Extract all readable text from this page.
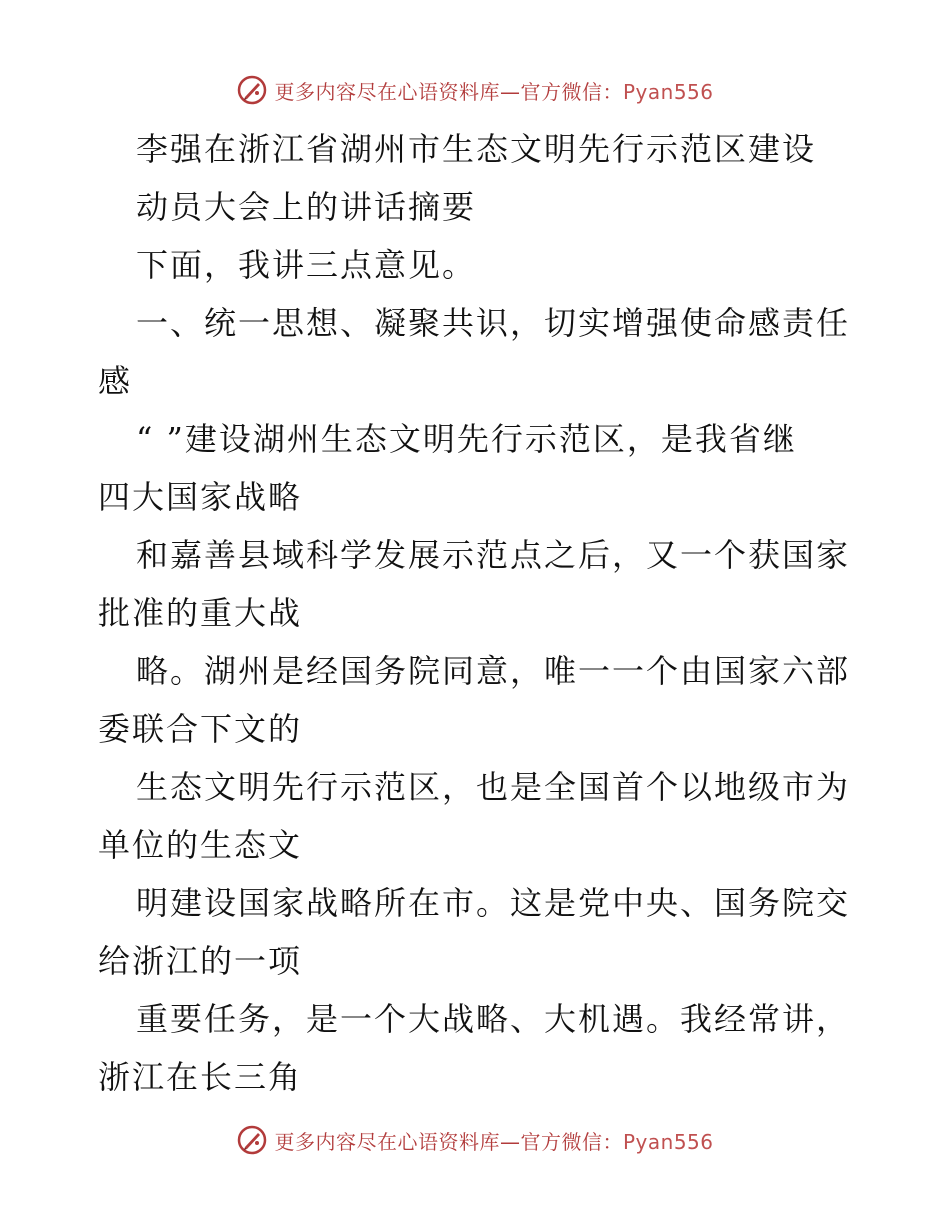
更多内容尽在心语资料库—官方微信：Pyan556

李强在浙江省湖州市生态文明先行示范区建设

动员大会上的讲话摘要

下面，我讲三点意见。

一、统一思想、凝聚共识，切实增强使命感责任
感

“ ”建设湖州生态文明先行示范区，是我省继
四大国家战略

和嘉善县域科学发展示范点之后，又一个获国家
批准的重大战

略。湖州是经国务院同意，唯一一个由国家六部
委联合下文的

生态文明先行示范区，也是全国首个以地级市为
单位的生态文

明建设国家战略所在市。这是党中央、国务院交
给浙江的一项

重要任务，是一个大战略、大机遇。我经常讲，
浙江在长三角

更多内容尽在心语资料库—官方微信：Pyan556
